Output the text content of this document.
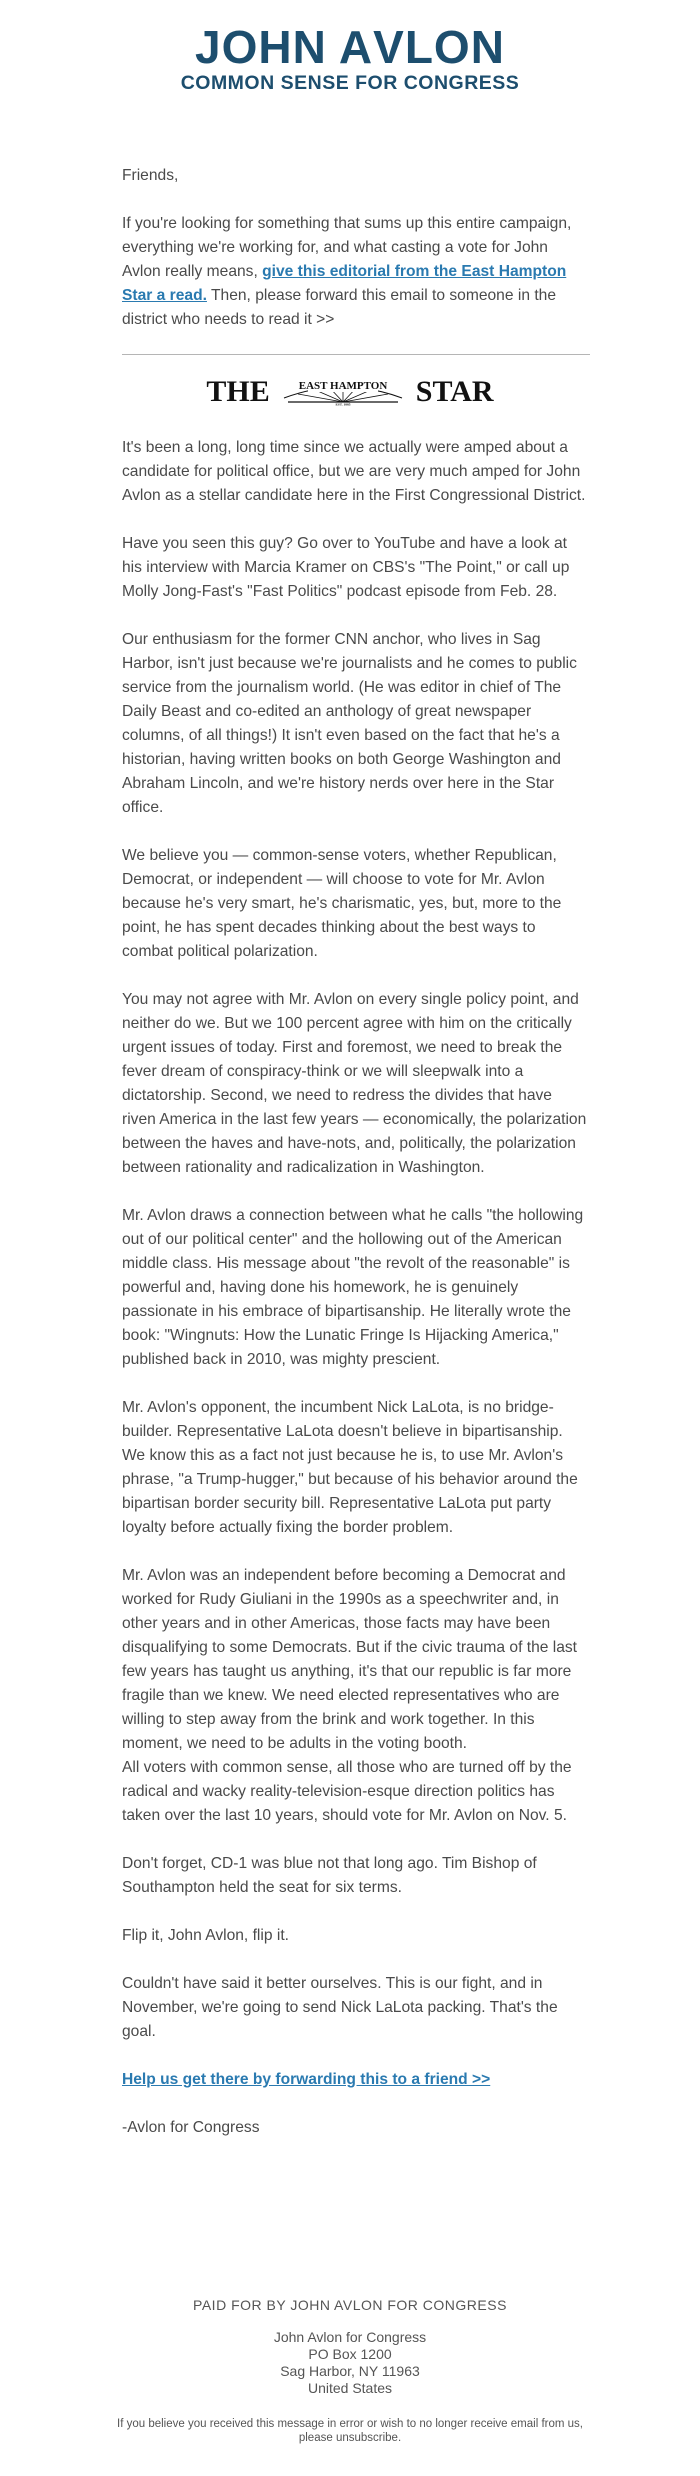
JOHN A
VLON
COMMON SENSE FOR CONGRESS

Friends,

If you're looking for something that sums up this entire campaign, everything we're working for, and what casting a vote for John Avlon really means, give this editorial from the East Hampton Star a read. Then, please forward this email to someone in the district who needs to read it >>

THE	EAST HAMPTON
EST. 1885 STAR

It's been a long, long time since we actually were amped about a candidate for political office, but we are very much amped for John Avlon as a stellar candidate here in the First Congressional District.

Have you seen this guy? Go over to YouTube and have a look at his interview with Marcia Kramer on CBS's "The Point," or call up Molly Jong-Fast's "Fast Politics" podcast episode from Feb. 28.

Our enthusiasm for the former CNN anchor, who lives in Sag Harbor, isn't just because we're journalists and he comes to public service from the journalism world. (He was editor in chief of The Daily Beast and co-edited an anthology of great newspaper columns, of all things!) It isn't even based on the fact that he's a historian, having written books on both George Washington and Abraham Lincoln, and we're history nerds over here in the Star office.

We believe you — common-sense voters, whether Republican, Democrat, or independent — will choose to vote for Mr. Avlon because he's very smart, he's charismatic, yes, but, more to the point, he has spent decades thinking about the best ways to combat political polarization.

You may not agree with Mr. Avlon on every single policy point, and neither do we. But we 100 percent agree with him on the critically urgent issues of today. First and foremost, we need to break the fever dream of conspiracy-think or we will sleepwalk into a dictatorship. Second, we need to redress the divides that have riven America in the last few years — economically, the polarization between the haves and have-nots, and, politically, the polarization between rationality and radicalization in Washington.

Mr. Avlon draws a connection between what he calls "the hollowing out of our political center" and the hollowing out of the American middle class. His message about "the revolt of the reasonable" is powerful and, having done his homework, he is genuinely passionate in his embrace of bipartisanship. He literally wrote the book: "Wingnuts: How the Lunatic Fringe Is Hijacking America," published back in 2010, was mighty prescient.

Mr. Avlon's opponent, the incumbent Nick LaLota, is no bridge-builder. Representative LaLota doesn't believe in bipartisanship. We know this as a fact not just because he is, to use Mr. Avlon's phrase, "a Trump-hugger," but because of his behavior around the bipartisan border security bill. Representative LaLota put party loyalty before actually fixing the border problem.

Mr. Avlon was an independent before becoming a Democrat and worked for Rudy Giuliani in the 1990s as a speechwriter and, in other years and in other Americas, those facts may have been disqualifying to some Democrats. But if the civic trauma of the last few years has taught us anything, it's that our republic is far more fragile than we knew. We need elected representatives who are willing to step away from the brink and work together. In this moment, we need to be adults in the voting booth.
All voters with common sense, all those who are turned off by the radical and wacky reality-television-esque direction politics has taken over the last 10 years, should vote for Mr. Avlon on Nov. 5.

Don't forget, CD-1 was blue not that long ago. Tim Bishop of Southampton held the seat for six terms.

Flip it, John Avlon, flip it.

Couldn't have said it better ourselves. This is our fight, and in November, we're going to send Nick LaLota packing. That's the goal.

Help us get there by forwarding this to a friend >>

-Avlon for Congress

PAID FOR BY JOHN AVLON FOR CONGRESS
John Avlon for Congress
PO Box 1200
Sag Harbor, NY 11963
United States
If you believe you received this message in error or wish to no longer receive email from us, please unsubscribe.
